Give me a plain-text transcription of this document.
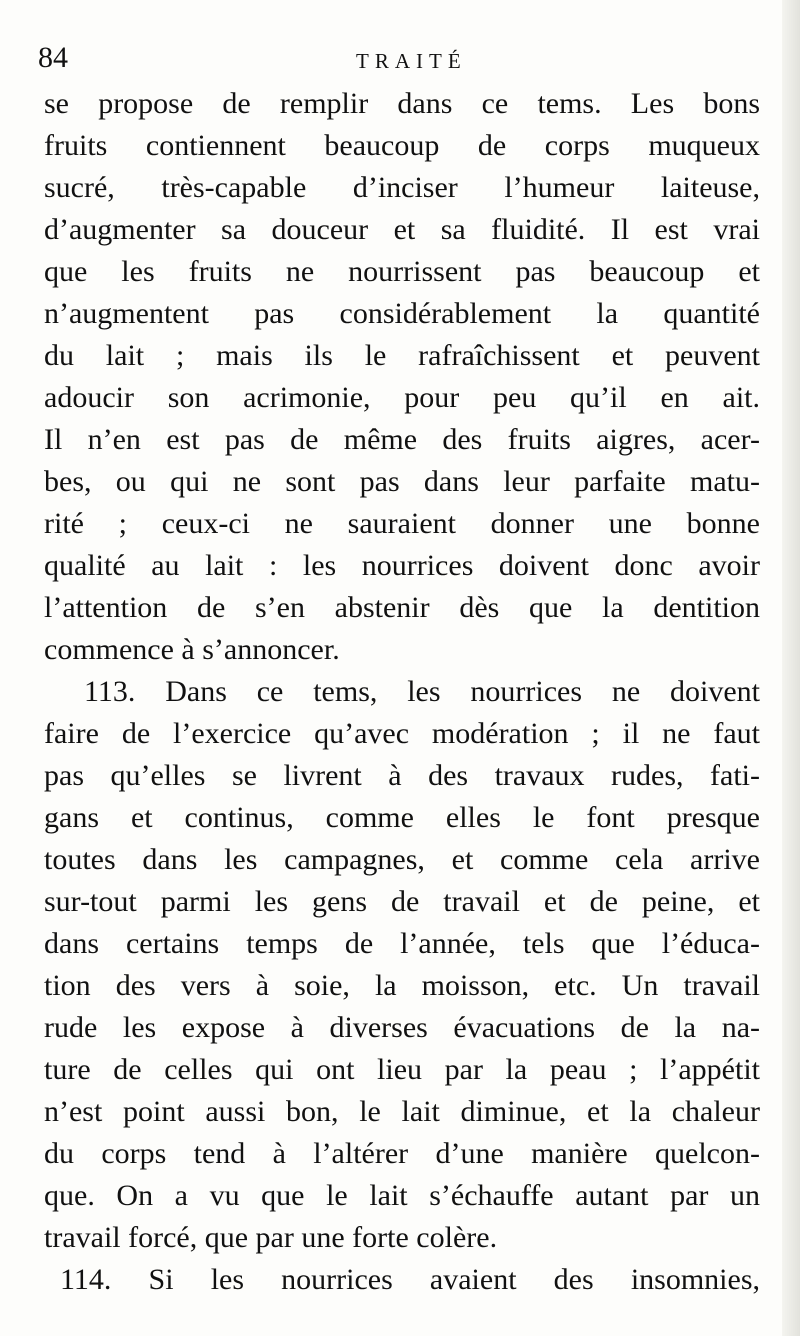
84	TRAITÉ
se propose de remplir dans ce tems. Les bons
fruits contiennent beaucoup de corps muqueux
sucré, très-capable d’inciser l’humeur laiteuse,
d’augmenter sa douceur et sa fluidité. Il est vrai
que les fruits ne nourrissent pas beaucoup et
n’augmentent pas considérablement la quantité
du lait ; mais ils le rafraîchissent et peuvent
adoucir son acrimonie, pour peu qu’il en ait.
Il n’en est pas de même des fruits aigres, acer-
bes, ou qui ne sont pas dans leur parfaite matu-
rité ; ceux-ci ne sauraient donner une bonne
qualité au lait : les nourrices doivent donc avoir
l’attention de s’en abstenir dès que la dentition
commence à s’annoncer.
113. Dans ce tems, les nourrices ne doivent
faire de l’exercice qu’avec modération ; il ne faut
pas qu’elles se livrent à des travaux rudes, fati-
gans et continus, comme elles le font presque
toutes dans les campagnes, et comme cela arrive
sur-tout parmi les gens de travail et de peine, et
dans certains temps de l’année, tels que l’éduca-
tion des vers à soie, la moisson, etc. Un travail
rude les expose à diverses évacuations de la na-
ture de celles qui ont lieu par la peau ; l’appétit
n’est point aussi bon, le lait diminue, et la chaleur
du corps tend à l’altérer d’une manière quelcon-
que. On a vu que le lait s’échauffe autant par un
travail forcé, que par une forte colère.
114. Si les nourrices avaient des insomnies,
